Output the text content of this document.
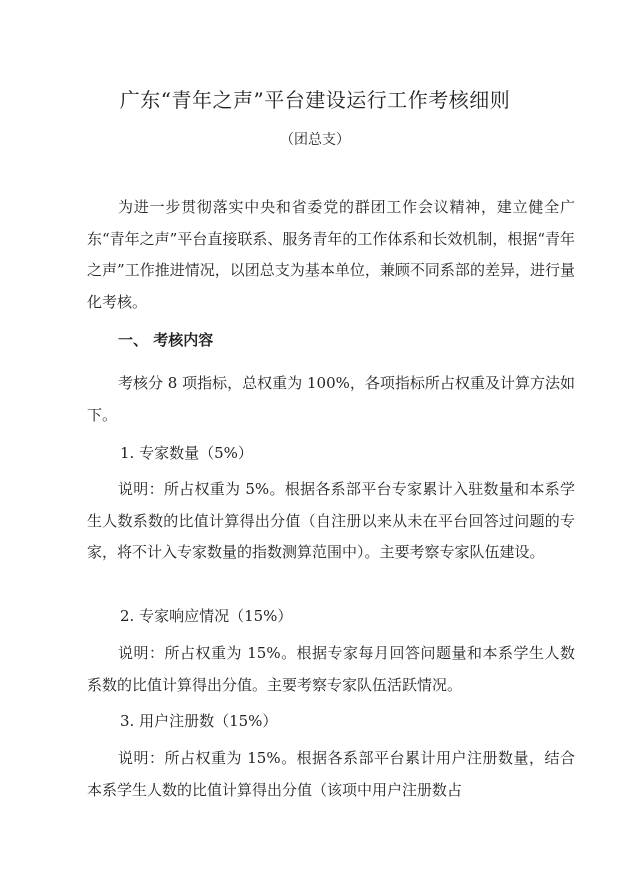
广东“青年之声”平台建设运行工作考核细则
（团总支）
为进一步贯彻落实中央和省委党的群团工作会议精神，建立健全广东“青年之声”平台直接联系、服务青年的工作体系和长效机制，根据“青年之声”工作推进情况，以团总支为基本单位，兼顾不同系部的差异，进行量化考核。
一、 考核内容
考核分 8 项指标，总权重为 100%，各项指标所占权重及计算方法如下。
1. 专家数量（5%）
说明：所占权重为 5%。根据各系部平台专家累计入驻数量和本系学生人数系数的比值计算得出分值（自注册以来从未在平台回答过问题的专家，将不计入专家数量的指数测算范围中）。主要考察专家队伍建设。
2. 专家响应情况（15%）
说明：所占权重为 15%。根据专家每月回答问题量和本系学生人数系数的比值计算得出分值。主要考察专家队伍活跃情况。
3. 用户注册数（15%）
说明：所占权重为 15%。根据各系部平台累计用户注册数量，结合本系学生人数的比值计算得出分值（该项中用户注册数占
